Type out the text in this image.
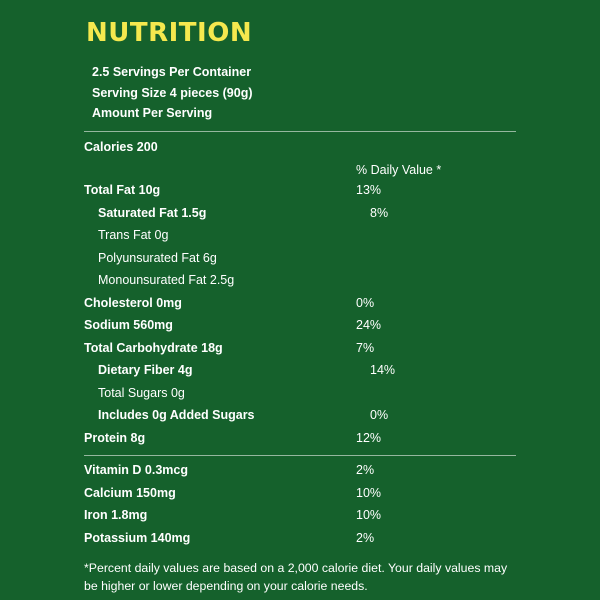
NUTRITION
2.5 Servings Per Container
Serving Size 4 pieces (90g)
Amount Per Serving
Calories 200
% Daily Value *
Total Fat 10g	13%
Saturated Fat 1.5g	8%
Trans Fat 0g
Polyunsurated Fat 6g
Monounsurated Fat 2.5g
Cholesterol 0mg	0%
Sodium 560mg	24%
Total Carbohydrate 18g	7%
Dietary Fiber 4g	14%
Total Sugars 0g
Includes 0g Added Sugars	0%
Protein 8g	12%
Vitamin D 0.3mcg	2%
Calcium 150mg	10%
Iron 1.8mg	10%
Potassium 140mg	2%
*Percent daily values are based on a 2,000 calorie diet. Your daily values may be higher or lower depending on your calorie needs.
